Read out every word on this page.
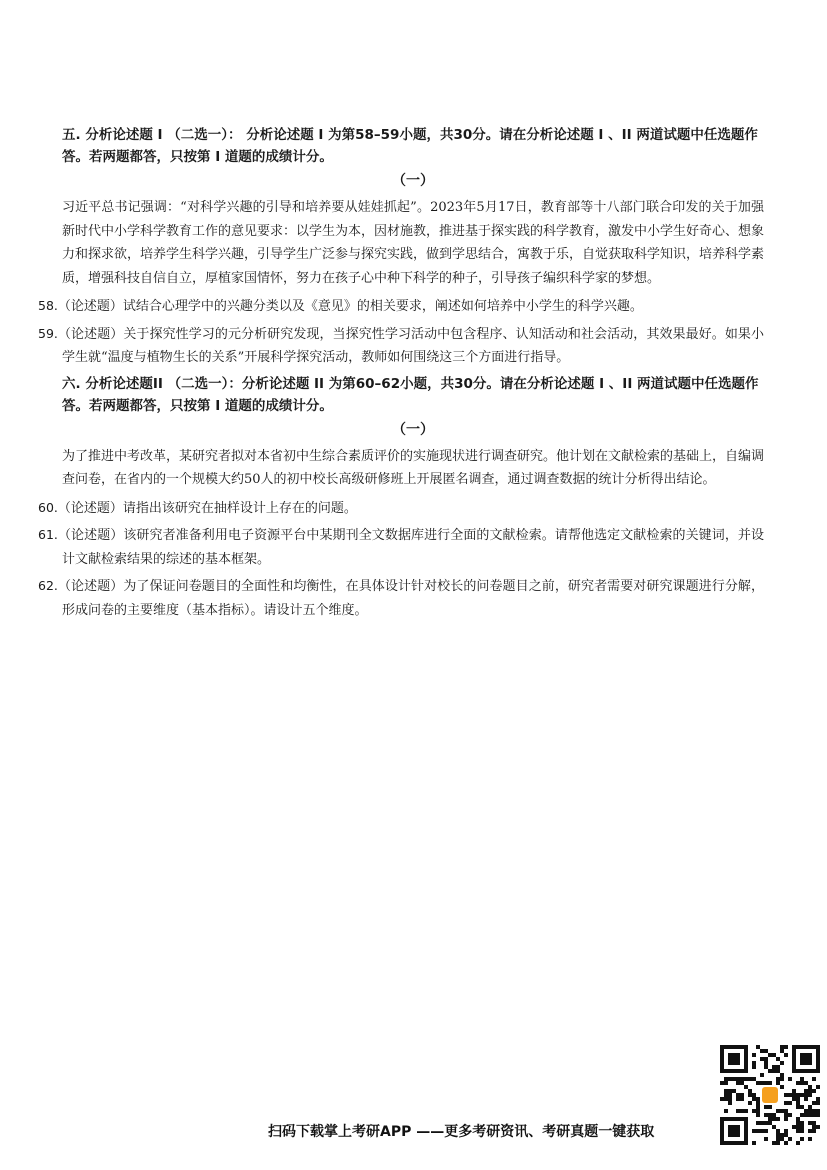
五. 分析论述题 I （二选一）： 分析论述题 I 为第58–59小题，共30分。请在分析论述题 I 、II 两道试题中任选题作答。若两题都答，只按第 I 道题的成绩计分。

（一）

习近平总书记强调：“对科学兴趣的引导和培养要从娃娃抓起”。2023年5月17日，教育部等十八部门联合印发的关于加强新时代中小学科学教育工作的意见要求：以学生为本，因材施教，推进基于探实践的科学教育，激发中小学生好奇心、想象力和探求欲，培养学生科学兴趣，引导学生广泛参与探究实践，做到学思结合，寓教于乐，自觉获取科学知识，培养科学素质，增强科技自信自立，厚植家国情怀，努力在孩子心中种下科学的种子，引导孩子编织科学家的梦想。

58.（论述题）试结合心理学中的兴趣分类以及《意见》的相关要求，阐述如何培养中小学生的科学兴趣。

59.（论述题）关于探究性学习的元分析研究发现，当探究性学习活动中包含程序、认知活动和社会活动，其效果最好。如果小学生就“温度与植物生长的关系”开展科学探究活动，教师如何围绕这三个方面进行指导。

六. 分析论述题II （二选一）：分析论述题 II 为第60–62小题，共30分。请在分析论述题 I 、II 两道试题中任选题作答。若两题都答，只按第 I 道题的成绩计分。

（一）

为了推进中考改革，某研究者拟对本省初中生综合素质评价的实施现状进行调查研究。他计划在文献检索的基础上，自编调查问卷，在省内的一个规模大约50人的初中校长高级研修班上开展匿名调查，通过调查数据的统计分析得出结论。

60.（论述题）请指出该研究在抽样设计上存在的问题。

61.（论述题）该研究者准备利用电子资源平台中某期刊全文数据库进行全面的文献检索。请帮他选定文献检索的关键词，并设计文献检索结果的综述的基本框架。

62.（论述题）为了保证问卷题目的全面性和均衡性，在具体设计针对校长的问卷题目之前，研究者需要对研究课题进行分解，形成问卷的主要维度（基本指标）。请设计五个维度。

扫码下载掌上考研APP ——更多考研资讯、考研真题一键获取
